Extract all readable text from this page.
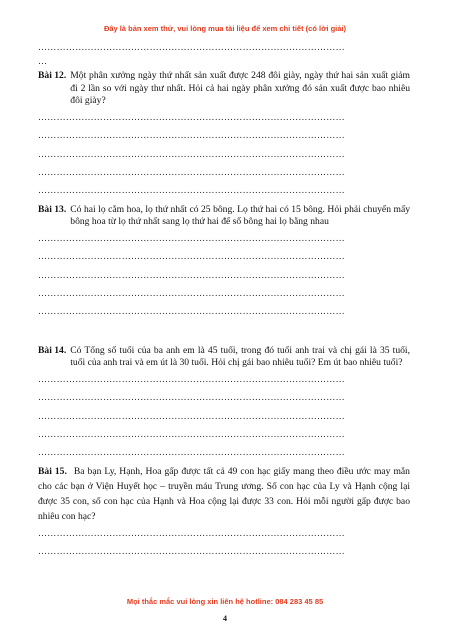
Đây là bản xem thử, vui lòng mua tài liệu để xem chi tiết (có lời giải)
………………………………………………………………………………………
…
Bài 12. Một phân xưởng ngày thứ nhất sản xuất được 248 đôi giày, ngày thứ hai sản xuất giảm đi 2 lần so với ngày thư nhất. Hỏi cả hai ngày phân xưởng đó sản xuất được bao nhiêu đôi giày?
………………………………………………………………………………………
………………………………………………………………………………………
………………………………………………………………………………………
………………………………………………………………………………………
………………………………………………………………………………………
Bài 13. Có hai lọ cắm hoa, lọ thứ nhất có 25 bông. Lọ thứ hai có 15 bông. Hỏi phải chuyển mấy bông hoa từ lọ thứ nhất sang lọ thứ hai để số bông hai lọ bằng nhau
………………………………………………………………………………………
………………………………………………………………………………………
………………………………………………………………………………………
………………………………………………………………………………………
………………………………………………………………………………………
Bài 14. Có Tổng số tuổi của ba anh em là 45 tuổi, trong đó tuổi anh trai và chị gái là 35 tuổi, tuổi của anh trai và em út là 30 tuổi. Hỏi chị gái bao nhiêu tuổi? Em út bao nhiêu tuổi?
………………………………………………………………………………………
………………………………………………………………………………………
………………………………………………………………………………………
………………………………………………………………………………………
………………………………………………………………………………………
Bài 15. Ba bạn Ly, Hạnh, Hoa gấp được tất cả 49 con hạc giấy mang theo điều ước may mắn cho các bạn ở Viện Huyết học – truyền máu Trung ương. Số con hạc của Ly và Hạnh cộng lại được 35 con, số con hạc của Hạnh và Hoa cộng lại được 33 con. Hỏi mỗi người gấp được bao nhiêu con hạc?
………………………………………………………………………………………
………………………………………………………………………………………
Mọi thắc mắc vui lòng xin liên hệ hotline: 084 283 45 85
4
